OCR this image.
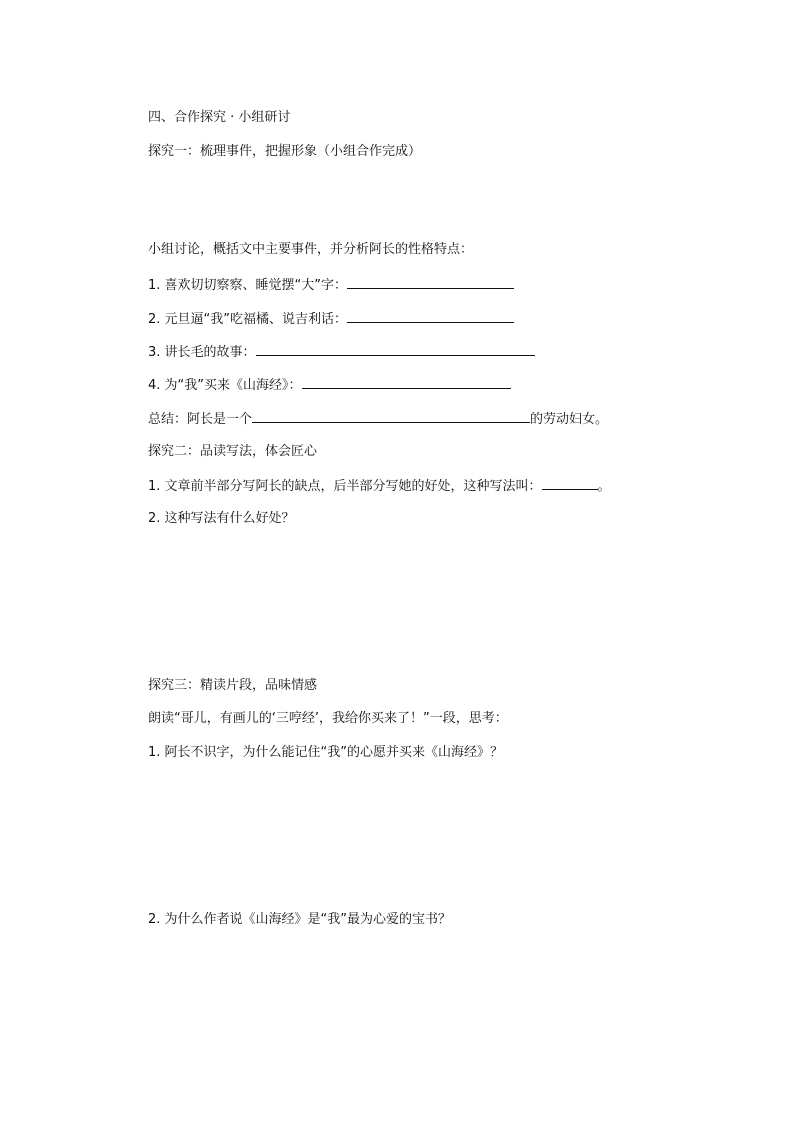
四、合作探究 · 小组研讨
探究一：梳理事件，把握形象（小组合作完成）
小组讨论，概括文中主要事件，并分析阿长的性格特点：
1. 喜欢切切察察、睡觉摆“大”字：
2. 元旦逼“我”吃福橘、说吉利话：
3. 讲长毛的故事：
4. 为“我”买来《山海经》：
总结：阿长是一个	的劳动妇女。
探究二：品读写法，体会匠心
1. 文章前半部分写阿长的缺点，后半部分写她的好处，这种写法叫：	。
2. 这种写法有什么好处？
探究三：精读片段，品味情感
朗读“哥儿，有画儿的‘三哼经’，我给你买来了！”一段，思考：
1. 阿长不识字，为什么能记住“我”的心愿并买来《山海经》？
2. 为什么作者说《山海经》是“我”最为心爱的宝书？
